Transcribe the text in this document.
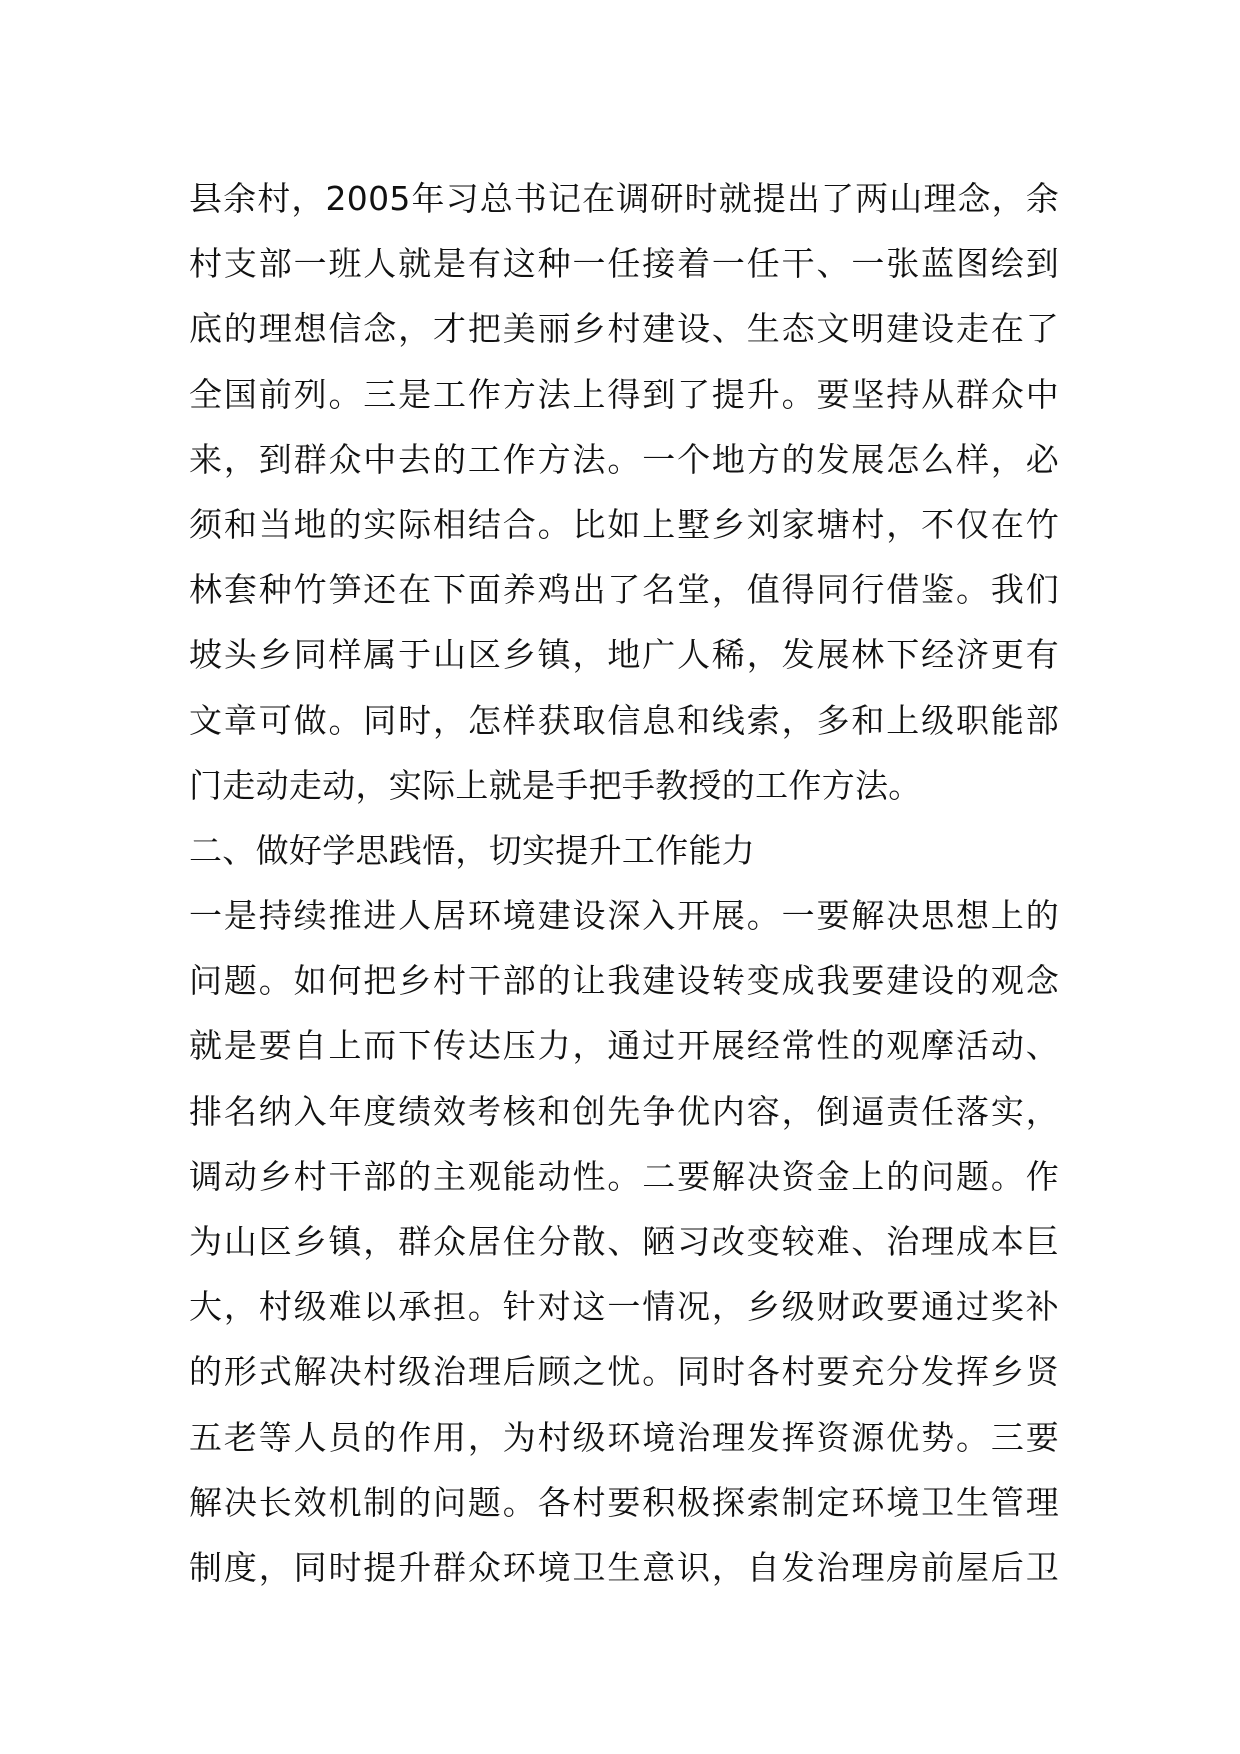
县余村，2005年习总书记在调研时就提出了两山理念，余
村支部一班人就是有这种一任接着一任干、一张蓝图绘到
底的理想信念，才把美丽乡村建设、生态文明建设走在了
全国前列。三是工作方法上得到了提升。要坚持从群众中
来，到群众中去的工作方法。一个地方的发展怎么样，必
须和当地的实际相结合。比如上墅乡刘家塘村，不仅在竹
林套种竹笋还在下面养鸡出了名堂，值得同行借鉴。我们
坡头乡同样属于山区乡镇，地广人稀，发展林下经济更有
文章可做。同时，怎样获取信息和线索，多和上级职能部
门走动走动，实际上就是手把手教授的工作方法。
二、做好学思践悟，切实提升工作能力
一是持续推进人居环境建设深入开展。一要解决思想上的
问题。如何把乡村干部的让我建设转变成我要建设的观念
就是要自上而下传达压力，通过开展经常性的观摩活动、
排名纳入年度绩效考核和创先争优内容，倒逼责任落实，
调动乡村干部的主观能动性。二要解决资金上的问题。作
为山区乡镇，群众居住分散、陋习改变较难、治理成本巨
大，村级难以承担。针对这一情况，乡级财政要通过奖补
的形式解决村级治理后顾之忧。同时各村要充分发挥乡贤
五老等人员的作用，为村级环境治理发挥资源优势。三要
解决长效机制的问题。各村要积极探索制定环境卫生管理
制度，同时提升群众环境卫生意识，自发治理房前屋后卫
